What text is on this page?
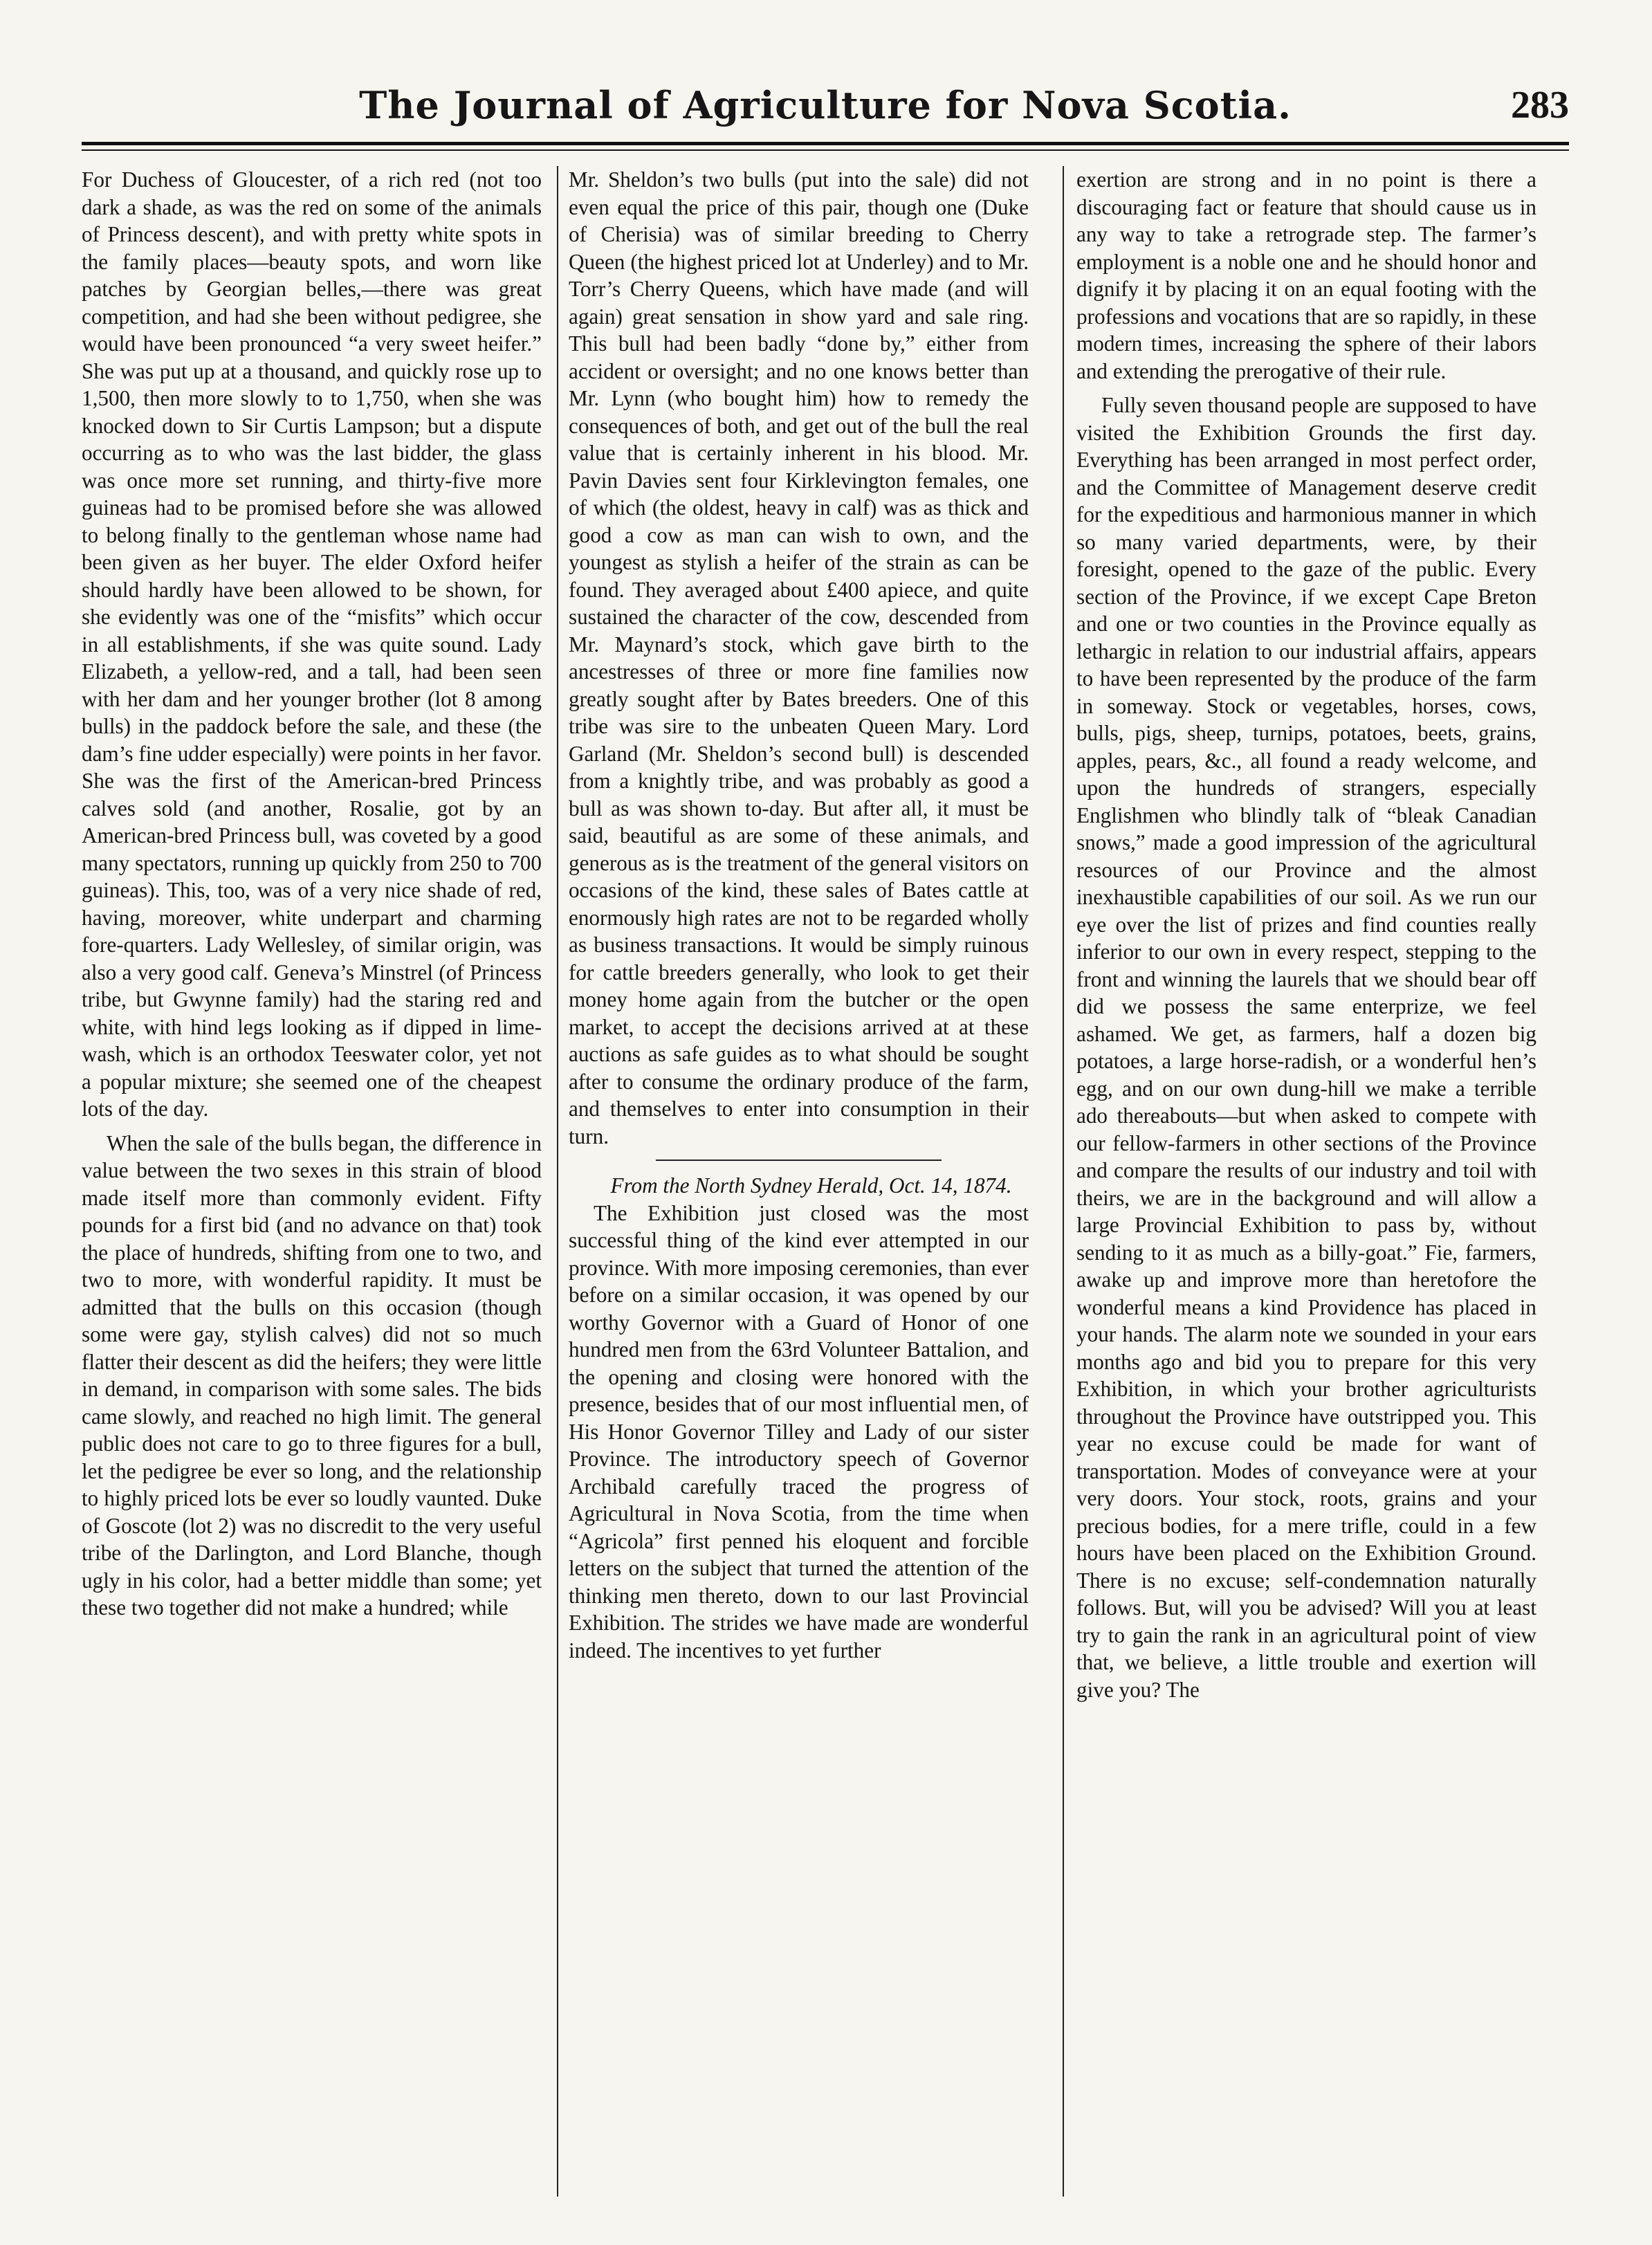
The Journal of Agriculture for Nova Scotia.	283

For Duchess of Gloucester, of a rich red (not too dark a shade, as was the red on some of the animals of Princess descent), and with pretty white spots in the family places—beauty spots, and worn like patches by Georgian belles,—there was great competition, and had she been without pedigree, she would have been pronounced “a very sweet heifer.” She was put up at a thousand, and quickly rose up to 1,500, then more slowly to to 1,750, when she was knocked down to Sir Curtis Lampson; but a dispute occurring as to who was the last bidder, the glass was once more set running, and thirty-five more guineas had to be promised before she was allowed to belong finally to the gentleman whose name had been given as her buyer. The elder Oxford heifer should hardly have been allowed to be shown, for she evidently was one of the “misfits” which occur in all establishments, if she was quite sound. Lady Elizabeth, a yellow-red, and a tall, had been seen with her dam and her younger brother (lot 8 among bulls) in the paddock before the sale, and these (the dam’s fine udder especially) were points in her favor. She was the first of the American-bred Princess calves sold (and another, Rosalie, got by an American-bred Princess bull, was coveted by a good many spectators, running up quickly from 250 to 700 guineas). This, too, was of a very nice shade of red, having, moreover, white underpart and charming fore-quarters. Lady Wellesley, of similar origin, was also a very good calf. Geneva’s Minstrel (of Princess tribe, but Gwynne family) had the staring red and white, with hind legs looking as if dipped in lime-wash, which is an orthodox Teeswater color, yet not a popular mixture; she seemed one of the cheapest lots of the day.

When the sale of the bulls began, the difference in value between the two sexes in this strain of blood made itself more than commonly evident. Fifty pounds for a first bid (and no advance on that) took the place of hundreds, shifting from one to two, and two to more, with wonderful rapidity. It must be admitted that the bulls on this occasion (though some were gay, stylish calves) did not so much flatter their descent as did the heifers; they were little in demand, in comparison with some sales. The bids came slowly, and reached no high limit. The general public does not care to go to three figures for a bull, let the pedigree be ever so long, and the relationship to highly priced lots be ever so loudly vaunted. Duke of Goscote (lot 2) was no discredit to the very useful tribe of the Darlington, and Lord Blanche, though ugly in his color, had a better middle than some; yet these two together did not make a hundred; while

Mr. Sheldon’s two bulls (put into the sale) did not even equal the price of this pair, though one (Duke of Cherisia) was of similar breeding to Cherry Queen (the highest priced lot at Underley) and to Mr. Torr’s Cherry Queens, which have made (and will again) great sensation in show yard and sale ring. This bull had been badly “done by,” either from accident or oversight; and no one knows better than Mr. Lynn (who bought him) how to remedy the consequences of both, and get out of the bull the real value that is certainly inherent in his blood. Mr. Pavin Davies sent four Kirklevington females, one of which (the oldest, heavy in calf) was as thick and good a cow as man can wish to own, and the youngest as stylish a heifer of the strain as can be found. They averaged about £400 apiece, and quite sustained the character of the cow, descended from Mr. Maynard’s stock, which gave birth to the ancestresses of three or more fine families now greatly sought after by Bates breeders. One of this tribe was sire to the unbeaten Queen Mary. Lord Garland (Mr. Sheldon’s second bull) is descended from a knightly tribe, and was probably as good a bull as was shown to-day. But after all, it must be said, beautiful as are some of these animals, and generous as is the treatment of the general visitors on occasions of the kind, these sales of Bates cattle at enormously high rates are not to be regarded wholly as business transactions. It would be simply ruinous for cattle breeders generally, who look to get their money home again from the butcher or the open market, to accept the decisions arrived at at these auctions as safe guides as to what should be sought after to consume the ordinary produce of the farm, and themselves to enter into consumption in their turn.

From the North Sydney Herald, Oct. 14, 1874.

The Exhibition just closed was the most successful thing of the kind ever attempted in our province. With more imposing ceremonies, than ever before on a similar occasion, it was opened by our worthy Governor with a Guard of Honor of one hundred men from the 63rd Volunteer Battalion, and the opening and closing were honored with the presence, besides that of our most influential men, of His Honor Governor Tilley and Lady of our sister Province. The introductory speech of Governor Archibald carefully traced the progress of Agricultural in Nova Scotia, from the time when “Agricola” first penned his eloquent and forcible letters on the subject that turned the attention of the thinking men thereto, down to our last Provincial Exhibition. The strides we have made are wonderful indeed. The incentives to yet further

exertion are strong and in no point is there a discouraging fact or feature that should cause us in any way to take a retrograde step. The farmer’s employment is a noble one and he should honor and dignify it by placing it on an equal footing with the professions and vocations that are so rapidly, in these modern times, increasing the sphere of their labors and extending the prerogative of their rule.

Fully seven thousand people are supposed to have visited the Exhibition Grounds the first day. Everything has been arranged in most perfect order, and the Committee of Management deserve credit for the expeditious and harmonious manner in which so many varied departments, were, by their foresight, opened to the gaze of the public. Every section of the Province, if we except Cape Breton and one or two counties in the Province equally as lethargic in relation to our industrial affairs, appears to have been represented by the produce of the farm in someway. Stock or vegetables, horses, cows, bulls, pigs, sheep, turnips, potatoes, beets, grains, apples, pears, &c., all found a ready welcome, and upon the hundreds of strangers, especially Englishmen who blindly talk of “bleak Canadian snows,” made a good impression of the agricultural resources of our Province and the almost inexhaustible capabilities of our soil. As we run our eye over the list of prizes and find counties really inferior to our own in every respect, stepping to the front and winning the laurels that we should bear off did we possess the same enterprize, we feel ashamed. We get, as farmers, half a dozen big potatoes, a large horse-radish, or a wonderful hen’s egg, and on our own dung-hill we make a terrible ado thereabouts—but when asked to compete with our fellow-farmers in other sections of the Province and compare the results of our industry and toil with theirs, we are in the background and will allow a large Provincial Exhibition to pass by, without sending to it as much as a billy-goat.” Fie, farmers, awake up and improve more than heretofore the wonderful means a kind Providence has placed in your hands. The alarm note we sounded in your ears months ago and bid you to prepare for this very Exhibition, in which your brother agriculturists throughout the Province have outstripped you. This year no excuse could be made for want of transportation. Modes of conveyance were at your very doors. Your stock, roots, grains and your precious bodies, for a mere trifle, could in a few hours have been placed on the Exhibition Ground. There is no excuse; self-condemnation naturally follows. But, will you be advised? Will you at least try to gain the rank in an agricultural point of view that, we believe, a little trouble and exertion will give you? The
